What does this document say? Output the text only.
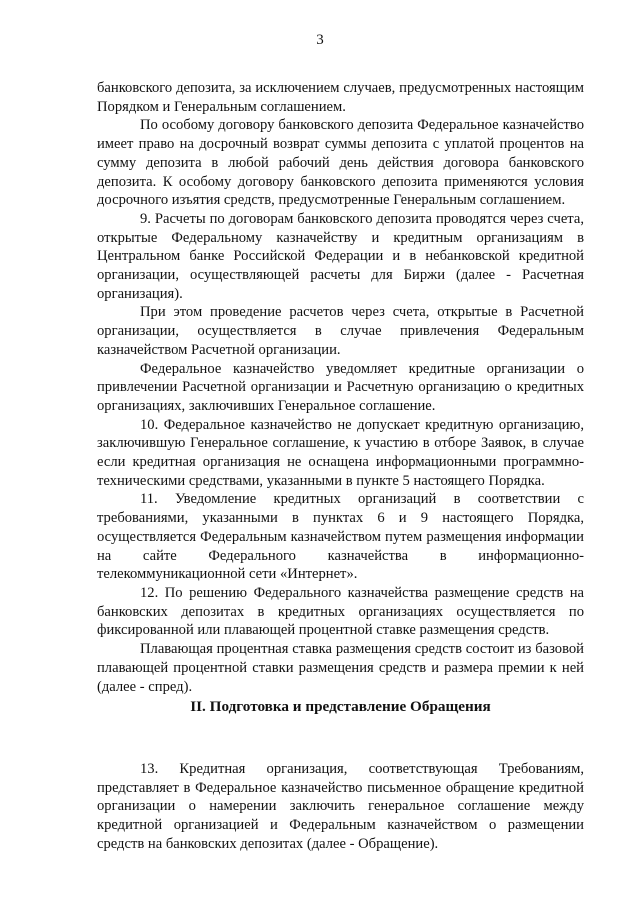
3

банковского депозита, за исключением случаев, предусмотренных настоящим Порядком и Генеральным соглашением.

По особому договору банковского депозита Федеральное казначейство имеет право на досрочный возврат суммы депозита с уплатой процентов на сумму депозита в любой рабочий день действия договора банковского депозита. К особому договору банковского депозита применяются условия досрочного изъятия средств, предусмотренные Генеральным соглашением.

9. Расчеты по договорам банковского депозита проводятся через счета, открытые Федеральному казначейству и кредитным организациям в Центральном банке Российской Федерации и в небанковской кредитной организации, осуществляющей расчеты для Биржи (далее - Расчетная организация).

При этом проведение расчетов через счета, открытые в Расчетной организации, осуществляется в случае привлечения Федеральным казначейством Расчетной организации.

Федеральное казначейство уведомляет кредитные организации о привлечении Расчетной организации и Расчетную организацию о кредитных организациях, заключивших Генеральное соглашение.

10. Федеральное казначейство не допускает кредитную организацию, заключившую Генеральное соглашение, к участию в отборе Заявок, в случае если кредитная организация не оснащена информационными программно-техническими средствами, указанными в пункте 5 настоящего Порядка.

11. Уведомление кредитных организаций в соответствии с требованиями, указанными в пунктах 6 и 9 настоящего Порядка, осуществляется Федеральным казначейством путем размещения информации на сайте Федерального казначейства в информационно-телекоммуникационной сети «Интернет».

12. По решению Федерального казначейства размещение средств на банковских депозитах в кредитных организациях осуществляется по фиксированной или плавающей процентной ставке размещения средств.

Плавающая процентная ставка размещения средств состоит из базовой плавающей процентной ставки размещения средств и размера премии к ней (далее - спред).

II. Подготовка и представление Обращения

13. Кредитная организация, соответствующая Требованиям, представляет в Федеральное казначейство письменное обращение кредитной организации о намерении заключить генеральное соглашение между кредитной организацией и Федеральным казначейством о размещении средств на банковских депозитах (далее - Обращение).
